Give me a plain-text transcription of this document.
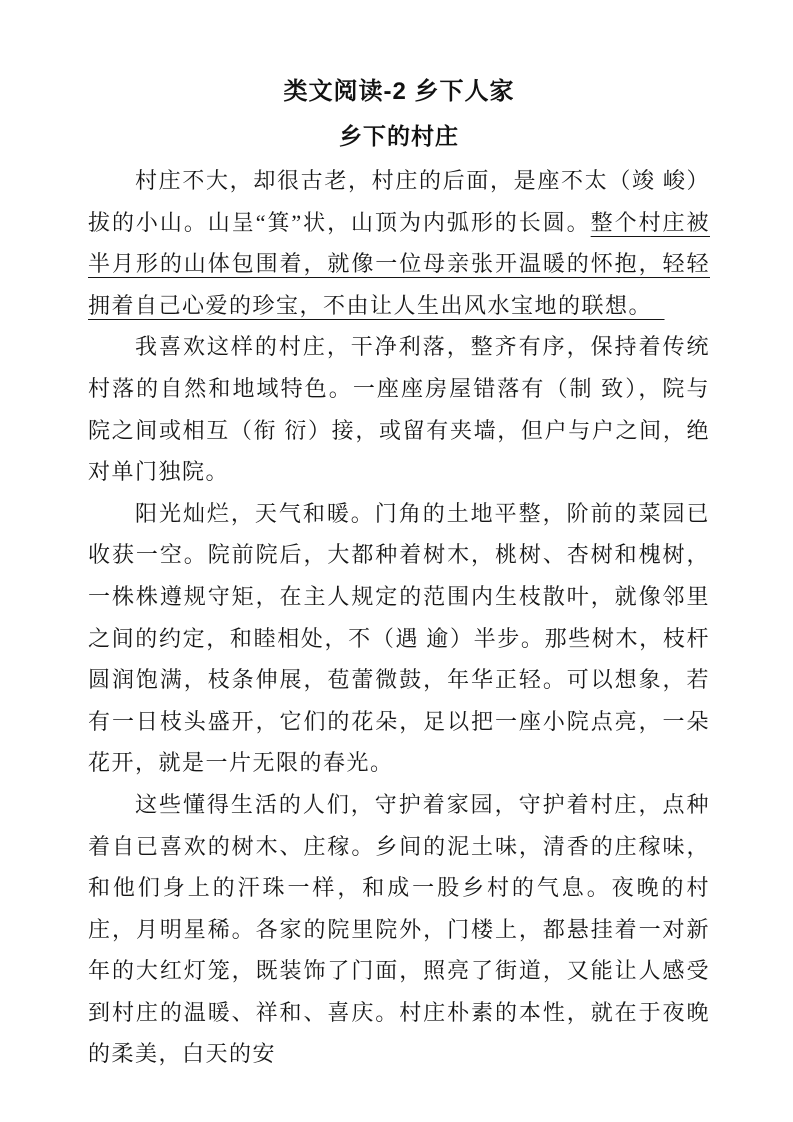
类文阅读-2 乡下人家
乡下的村庄

村庄不大，却很古老，村庄的后面，是座不太（竣 峻）拔的小山。山呈“箕”状，山顶为内弧形的长圆。整个村庄被半月形的山体包围着，就像一位母亲张开温暖的怀抱，轻轻拥着自己心爱的珍宝，不由让人生出风水宝地的联想。　

我喜欢这样的村庄，干净利落，整齐有序，保持着传统村落的自然和地域特色。一座座房屋错落有（制 致），院与院之间或相互（衔 衍）接，或留有夹墙，但户与户之间，绝对单门独院。

阳光灿烂，天气和暖。门角的土地平整，阶前的菜园已收获一空。院前院后，大都种着树木，桃树、杏树和槐树，一株株遵规守矩，在主人规定的范围内生枝散叶，就像邻里之间的约定，和睦相处，不（遇 逾）半步。那些树木，枝杆圆润饱满，枝条伸展，苞蕾微鼓，年华正轻。可以想象，若有一日枝头盛开，它们的花朵，足以把一座小院点亮，一朵花开，就是一片无限的春光。

这些懂得生活的人们，守护着家园，守护着村庄，点种着自已喜欢的树木、庄稼。乡间的泥土味，清香的庄稼味，和他们身上的汗珠一样，和成一股乡村的气息。夜晚的村庄，月明星稀。各家的院里院外，门楼上，都悬挂着一对新年的大红灯笼，既装饰了门面，照亮了街道，又能让人感受到村庄的温暖、祥和、喜庆。村庄朴素的本性，就在于夜晚的柔美，白天的安
